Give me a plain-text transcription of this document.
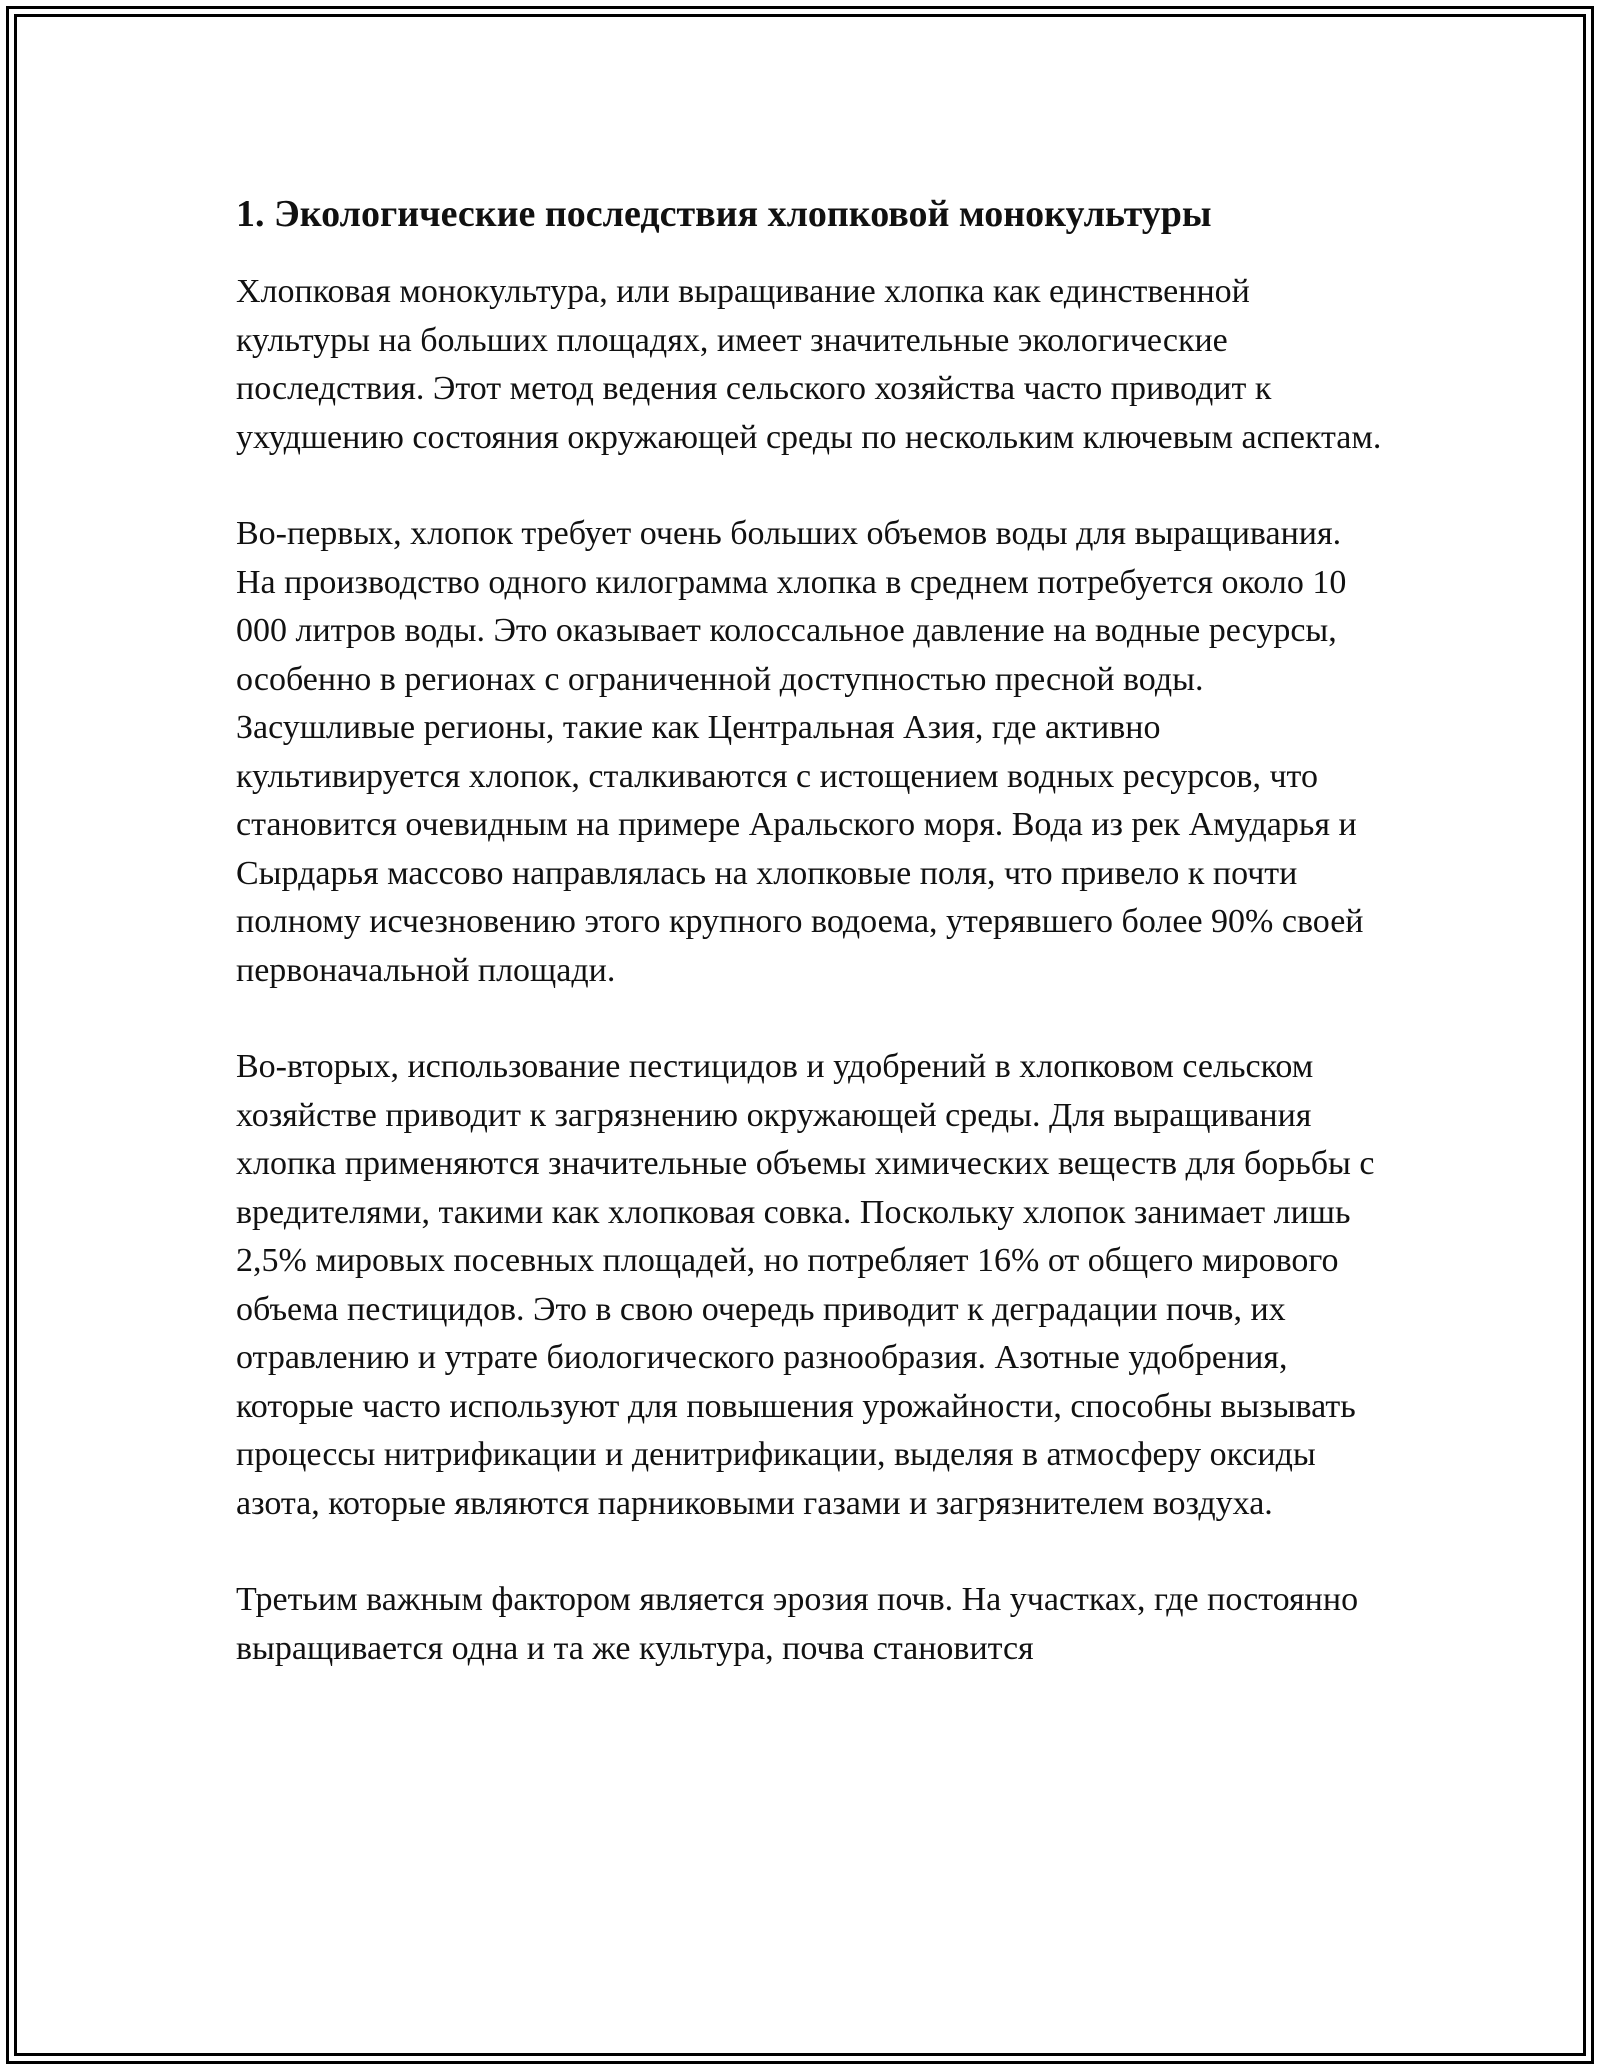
1. Экологические последствия хлопковой монокультуры

Хлопковая монокультура, или выращивание хлопка как единственной культуры на больших площадях, имеет значительные экологические последствия. Этот метод ведения сельского хозяйства часто приводит к ухудшению состояния окружающей среды по нескольким ключевым аспектам.

Во-первых, хлопок требует очень больших объемов воды для выращивания. На производство одного килограмма хлопка в среднем потребуется около 10 000 литров воды. Это оказывает колоссальное давление на водные ресурсы, особенно в регионах с ограниченной доступностью пресной воды. Засушливые регионы, такие как Центральная Азия, где активно культивируется хлопок, сталкиваются с истощением водных ресурсов, что становится очевидным на примере Аральского моря. Вода из рек Амударья и Сырдарья массово направлялась на хлопковые поля, что привело к почти полному исчезновению этого крупного водоема, утерявшего более 90% своей первоначальной площади.

Во-вторых, использование пестицидов и удобрений в хлопковом сельском хозяйстве приводит к загрязнению окружающей среды. Для выращивания хлопка применяются значительные объемы химических веществ для борьбы с вредителями, такими как хлопковая совка. Поскольку хлопок занимает лишь 2,5% мировых посевных площадей, но потребляет 16% от общего мирового объема пестицидов. Это в свою очередь приводит к деградации почв, их отравлению и утрате биологического разнообразия. Азотные удобрения, которые часто используют для повышения урожайности, способны вызывать процессы нитрификации и денитрификации, выделяя в атмосферу оксиды азота, которые являются парниковыми газами и загрязнителем воздуха.

Третьим важным фактором является эрозия почв. На участках, где постоянно выращивается одна и та же культура, почва становится
